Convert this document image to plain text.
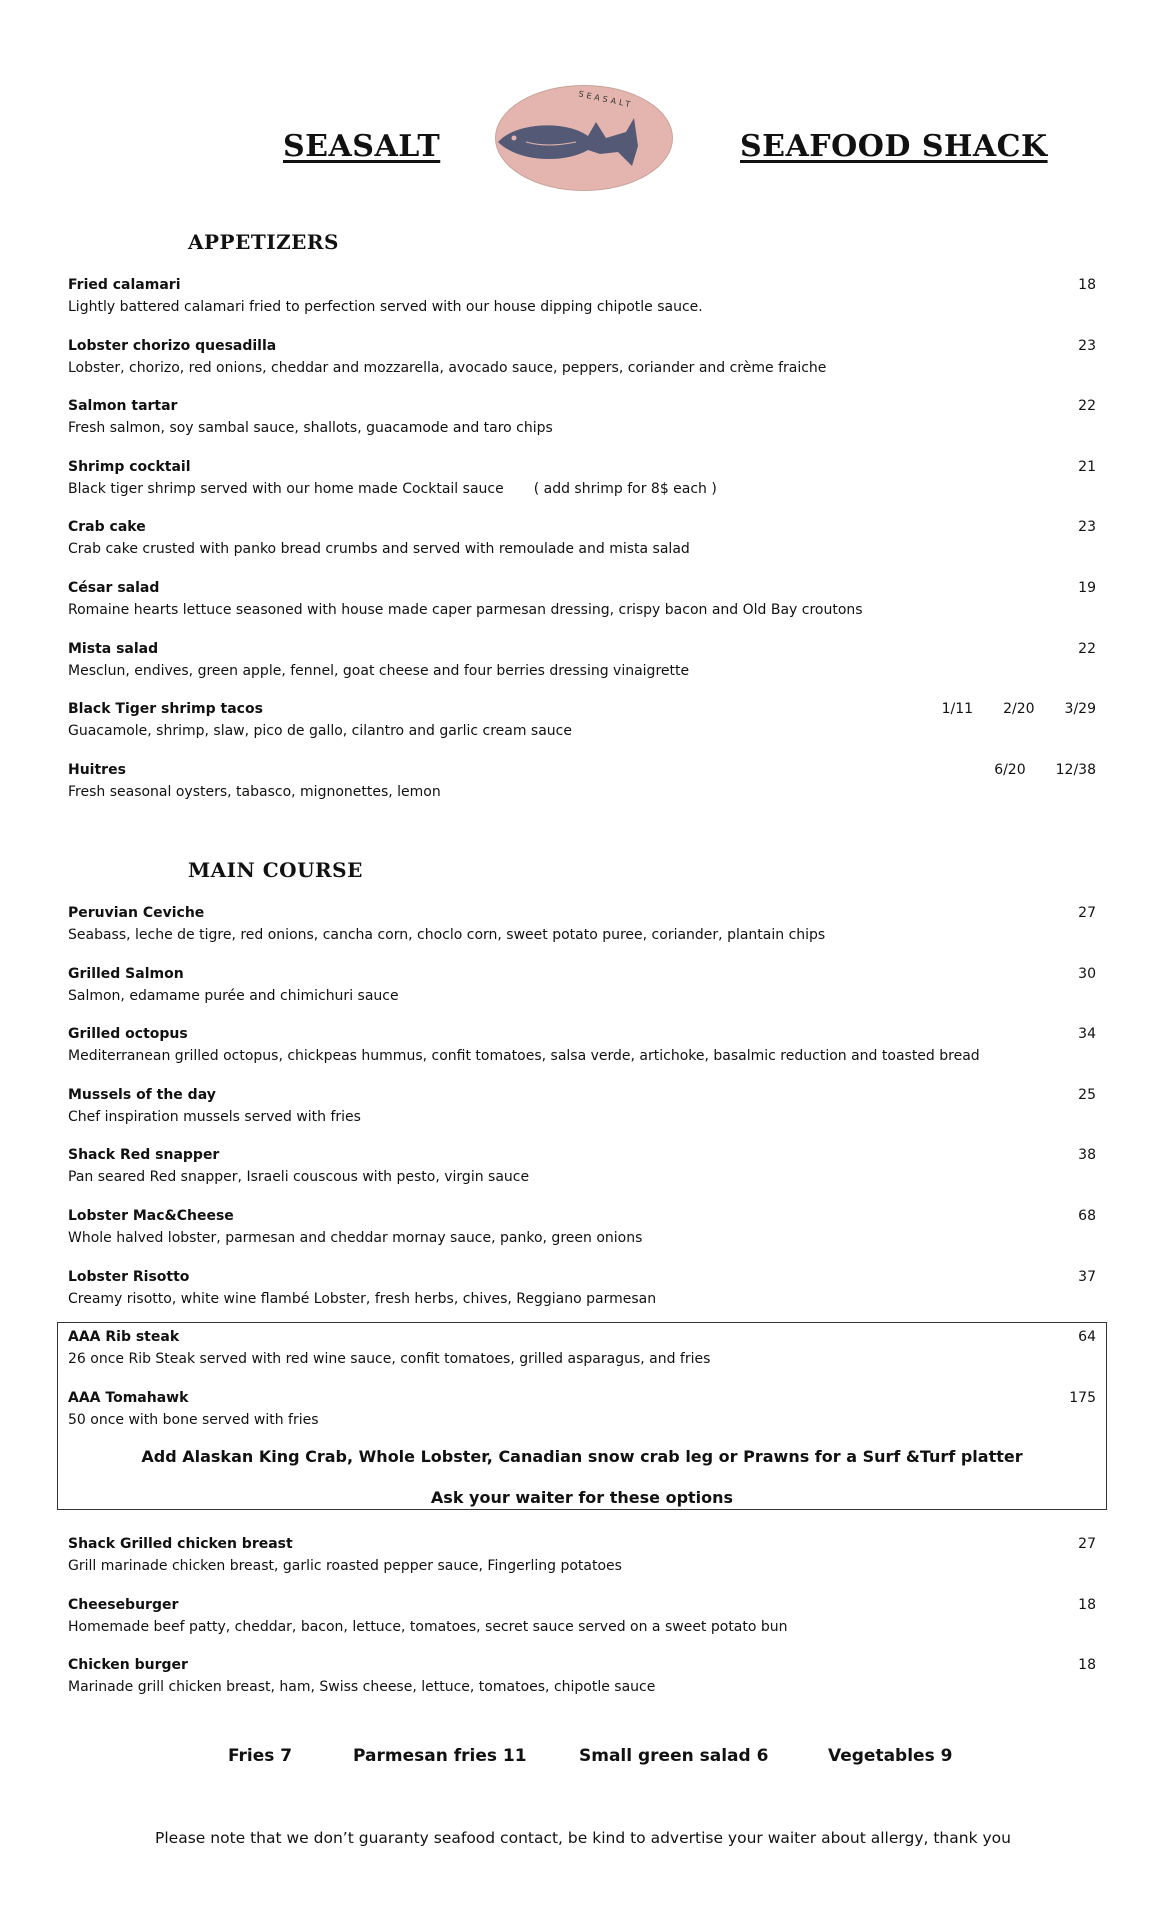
SEASALT
SEASALT
SEAFOOD SHACK
APPETIZERS
Fried calamari
Lightly battered calamari fried to perfection served with our house dipping chipotle sauce.
18
Lobster chorizo quesadilla
Lobster, chorizo, red onions, cheddar and mozzarella, avocado sauce, peppers, coriander and crème fraiche
23
Salmon tartar
Fresh salmon, soy sambal sauce, shallots, guacamode and taro chips
22
Shrimp cocktail
Black tiger shrimp served with our home made Cocktail sauce ( add shrimp for 8$ each )
21
Crab cake
Crab cake crusted with panko bread crumbs and served with remoulade and mista salad
23
César salad
Romaine hearts lettuce seasoned with house made caper parmesan dressing, crispy bacon and Old Bay croutons
19
Mista salad
Mesclun, endives, green apple, fennel, goat cheese and four berries dressing vinaigrette
22
Black Tiger shrimp tacos
Guacamole, shrimp, slaw, pico de gallo, cilantro and garlic cream sauce
1/11 2/20 3/29
Huitres
Fresh seasonal oysters, tabasco, mignonettes, lemon
6/20 12/38
MAIN COURSE
Peruvian Ceviche
Seabass, leche de tigre, red onions, cancha corn, choclo corn, sweet potato puree, coriander, plantain chips
27
Grilled Salmon
Salmon, edamame purée and chimichuri sauce
30
Grilled octopus
Mediterranean grilled octopus, chickpeas hummus, confit tomatoes, salsa verde, artichoke, basalmic reduction and toasted bread
34
Mussels of the day
Chef inspiration mussels served with fries
25
Shack Red snapper
Pan seared Red snapper, Israeli couscous with pesto, virgin sauce
38
Lobster Mac&Cheese
Whole halved lobster, parmesan and cheddar mornay sauce, panko, green onions
68
Lobster Risotto
Creamy risotto, white wine flambé Lobster, fresh herbs, chives, Reggiano parmesan
37
AAA Rib steak
26 once Rib Steak served with red wine sauce, confit tomatoes, grilled asparagus, and fries
64
AAA Tomahawk
50 once with bone served with fries
175
Add Alaskan King Crab, Whole Lobster, Canadian snow crab leg or Prawns for a Surf &Turf platter
Ask your waiter for these options
Shack Grilled chicken breast
Grill marinade chicken breast, garlic roasted pepper sauce, Fingerling potatoes
27
Cheeseburger
Homemade beef patty, cheddar, bacon, lettuce, tomatoes, secret sauce served on a sweet potato bun
18
Chicken burger
Marinade grill chicken breast, ham, Swiss cheese, lettuce, tomatoes, chipotle sauce
18
Fries 7	Parmesan fries 11	Small green salad 6	Vegetables 9
Please note that we don’t guaranty seafood contact, be kind to advertise your waiter about allergy, thank you
